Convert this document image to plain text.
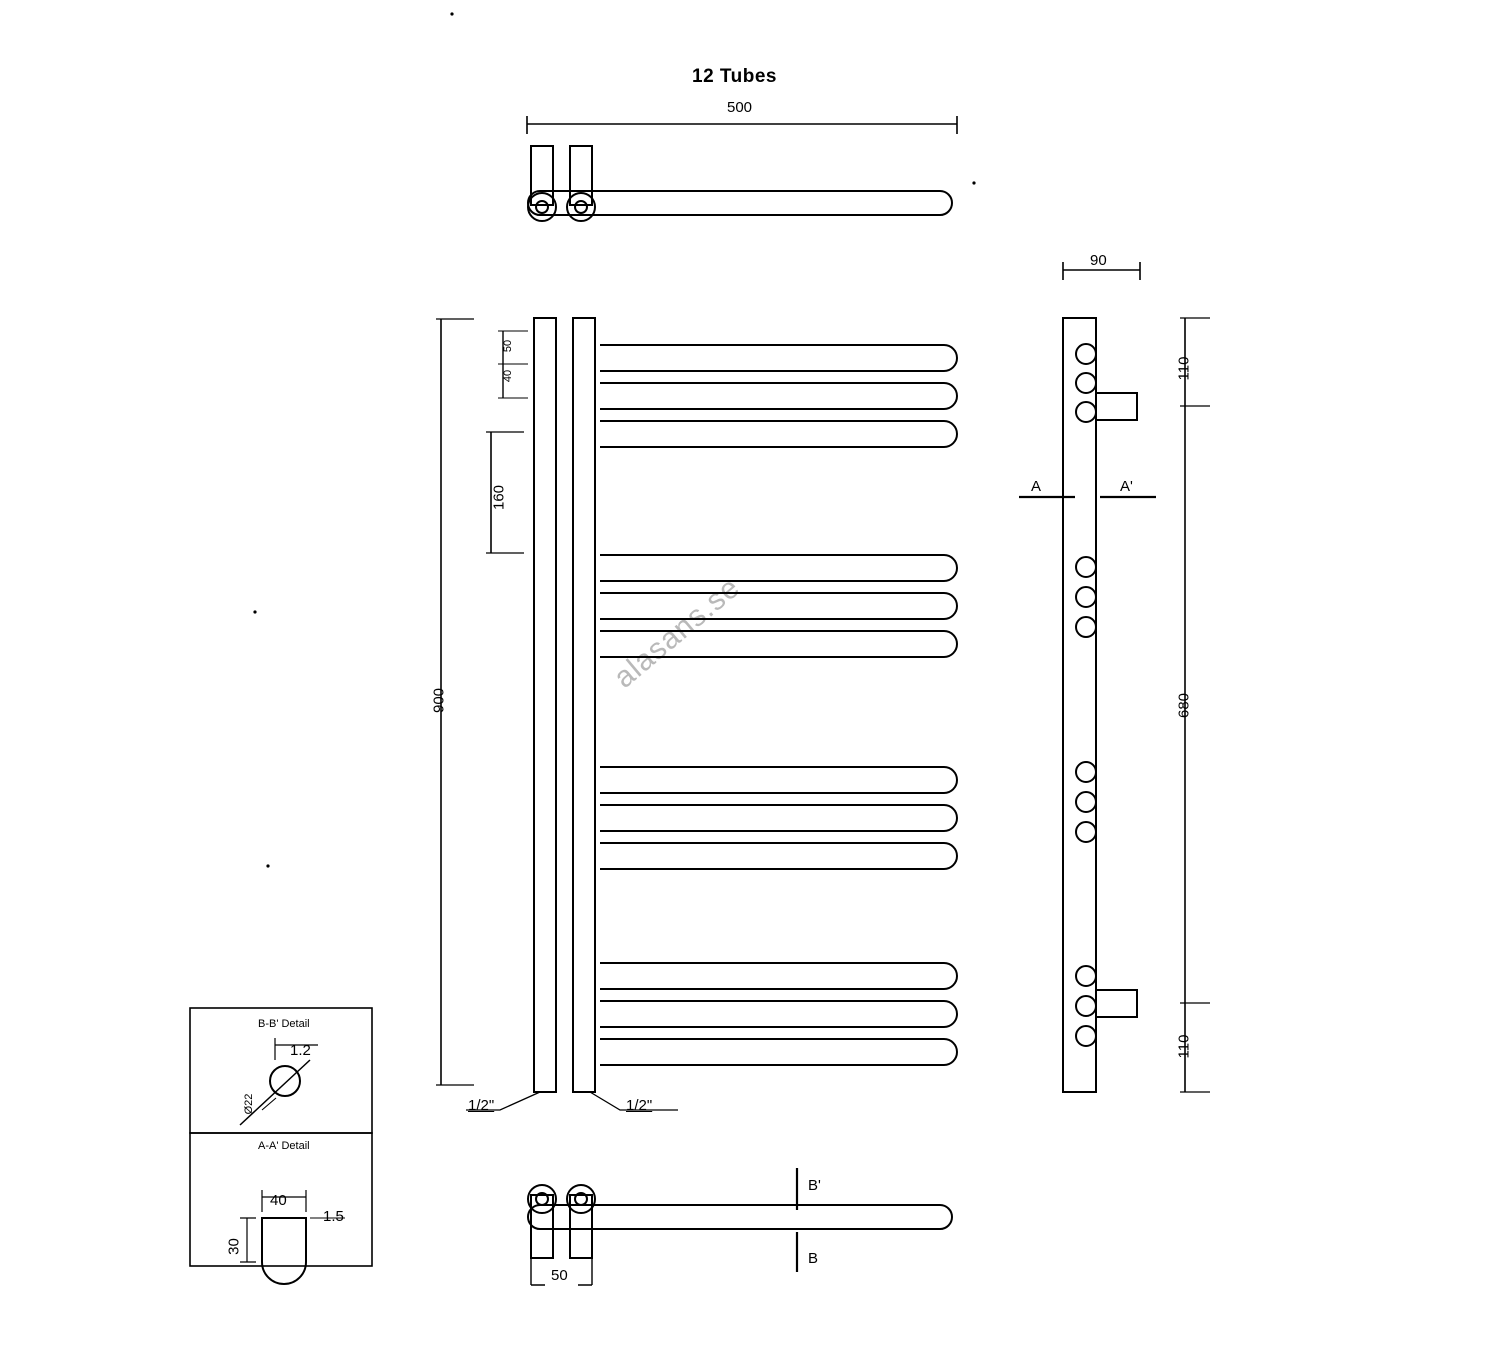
12 Tubes
500
90
900
160
50
40
1/2"	1/2"
110
680
110
A	A'
B'
B
50
B-B' Detail
1.2
Ø22
A-A' Detail
40
1.5
30
alasans.se
